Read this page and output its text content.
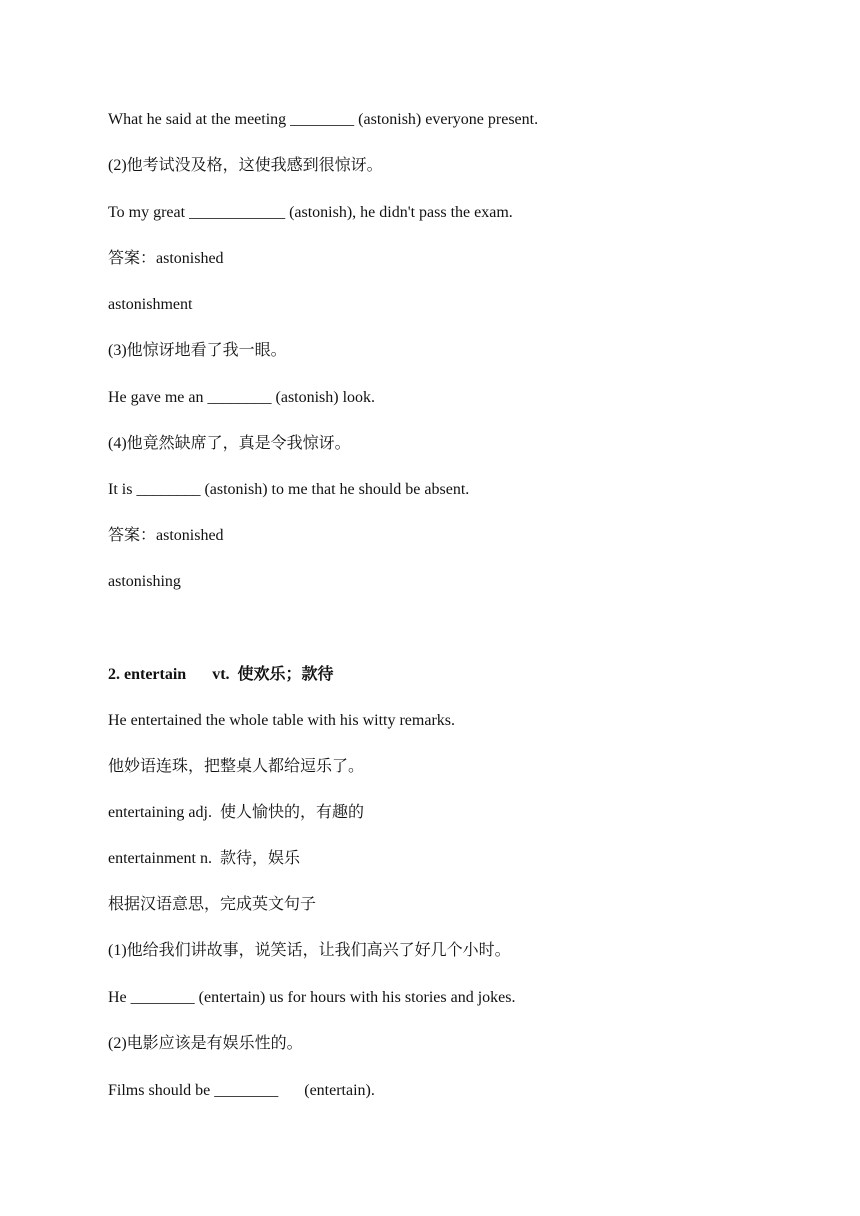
What he said at the meeting ________ (astonish) everyone present.
(2)他考试没及格，这使我感到很惊讶。
To my great ____________ (astonish), he didn't pass the exam.
答案：astonished
astonishment
(3)他惊讶地看了我一眼。
He gave me an ________ (astonish) look.
(4)他竟然缺席了，真是令我惊讶。
It is ________ (astonish) to me that he should be absent.
答案：astonished
astonishing
2. entertain vt.  使欢乐；款待
He entertained the whole table with his witty remarks.
他妙语连珠，把整桌人都给逗乐了。
entertaining adj.  使人愉快的，有趣的
entertainment n.  款待，娱乐
根据汉语意思，完成英文句子
(1)他给我们讲故事，说笑话，让我们高兴了好几个小时。
He ________ (entertain) us for hours with his stories and jokes.
(2)电影应该是有娱乐性的。
Films should be ________ (entertain).
